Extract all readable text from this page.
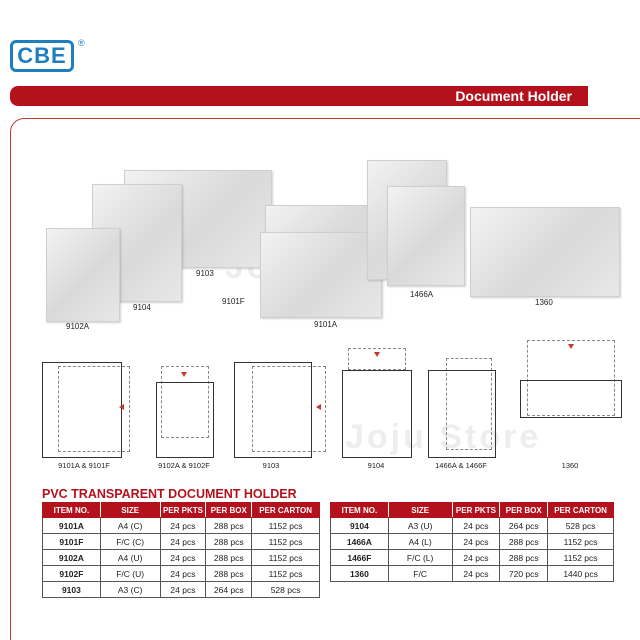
CBE	®
Document Holder
9102A
9104
9103
9101F
9101A
1466A
1360
Joju Store
9101A & 9101F	9102A & 9102F	9103	9104	1466A & 1466F	1360
PVC TRANSPARENT DOCUMENT HOLDER
ITEM NO.	SIZE	PER PKTS	PER BOX	PER CARTON
9101A	A4 (C)	24 pcs	288 pcs	1152 pcs
9101F	F/C (C)	24 pcs	288 pcs	1152 pcs
9102A	A4 (U)	24 pcs	288 pcs	1152 pcs
9102F	F/C (U)	24 pcs	288 pcs	1152 pcs
9103	A3 (C)	24 pcs	264 pcs	528 pcs
ITEM NO.	SIZE	PER PKTS	PER BOX	PER CARTON
9104	A3 (U)	24 pcs	264 pcs	528 pcs
1466A	A4 (L)	24 pcs	288 pcs	1152 pcs
1466F	F/C (L)	24 pcs	288 pcs	1152 pcs
1360	F/C	24 pcs	720 pcs	1440 pcs
